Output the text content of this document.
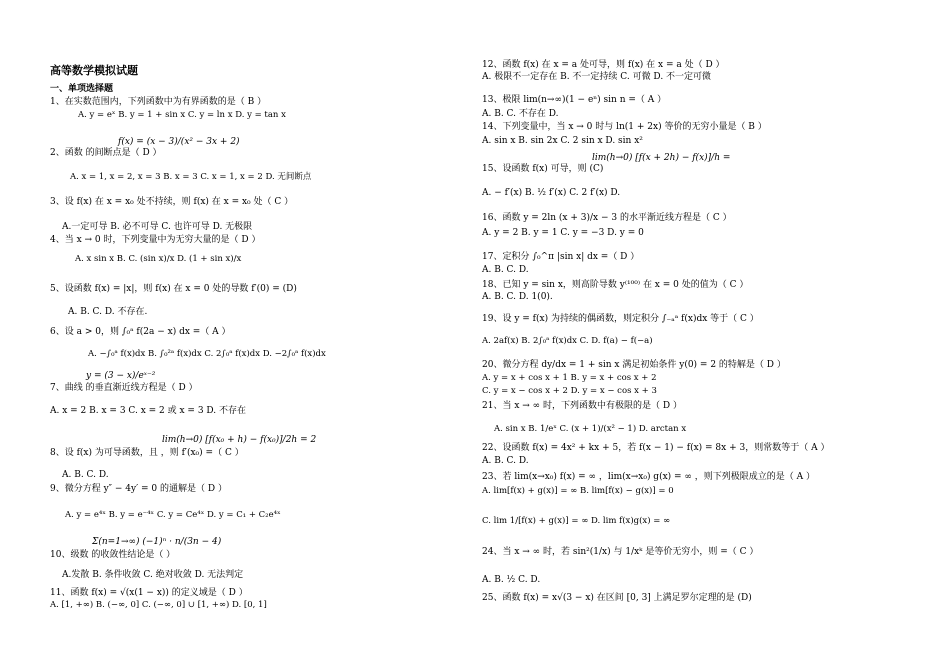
高等数学模拟试题
一、单项选择题
1、在实数范围内，下列函数中为有界函数的是（ B ）
A. y = eˣ B. y = 1 + sin x C. y = ln x D. y = tan x
f(x) = (x − 3)/(x² − 3x + 2)
2、函数 的间断点是（ D ）
A. x = 1, x = 2, x = 3 B. x = 3 C. x = 1, x = 2 D. 无间断点
3、设 f(x) 在 x = x₀ 处不持续，则 f(x) 在 x = x₀ 处（ C ）
A.一定可导 B. 必不可导 C. 也许可导 D. 无极限
4、当 x → 0 时，下列变量中为无穷大量的是（ D ）
A. x sin x B. C. (sin x)/x D. (1 + sin x)/x
5、设函数 f(x) = |x|，则 f(x) 在 x = 0 处的导数 f′(0) = (D)
A. B. C. D. 不存在.
6、设 a > 0，则 ∫₀ᵃ f(2a − x) dx =（ A ）
A. −∫₀ᵃ f(x)dx B. ∫₀²ᵃ f(x)dx C. 2∫₀ᵃ f(x)dx D. −2∫₀ᵃ f(x)dx
y = (3 − x)/eˣ⁻²
7、曲线 的垂直渐近线方程是（ D ）
A. x = 2 B. x = 3 C. x = 2 或 x = 3 D. 不存在
lim(h→0) [f(x₀ + h) − f(x₀)]/2h = 2
8、设 f(x) 为可导函数，且 ，则 f′(x₀) =（ C ）
A. B. C. D.
9、微分方程 y″ − 4y′ = 0 的通解是（ D ）
A. y = e⁴ˣ B. y = e⁻⁴ˣ C. y = Ce⁴ˣ D. y = C₁ + C₂e⁴ˣ
Σ(n=1→∞) (−1)ⁿ · n/(3n − 4)
10、级数 的收敛性结论是（ ）
A.发散 B. 条件收敛 C. 绝对收敛 D. 无法判定
11、函数 f(x) = √(x(1 − x)) 的定义域是（ D ）
A. [1, +∞) B. (−∞, 0] C. (−∞, 0] ∪ [1, +∞) D. [0, 1]
12、函数 f(x) 在 x = a 处可导，则 f(x) 在 x = a 处（ D ）
A. 极限不一定存在 B. 不一定持续 C. 可微 D. 不一定可微
13、极限 lim(n→∞)(1 − eⁿ) sin n =（ A ）
A. B. C. 不存在 D.
14、下列变量中，当 x → 0 时与 ln(1 + 2x) 等价的无穷小量是（ B ）
A. sin x B. sin 2x C. 2 sin x D. sin x²
lim(h→0) [f(x + 2h) − f(x)]/h =
15、设函数 f(x) 可导，则 (C)
A. − f′(x) B. ½ f′(x) C. 2 f′(x) D.
16、函数 y = 2ln (x + 3)/x − 3 的水平渐近线方程是（ C ）
A. y = 2 B. y = 1 C. y = −3 D. y = 0
17、定积分 ∫₀^π |sin x| dx =（ D ）
A. B. C. D.
18、已知 y = sin x，则高阶导数 y⁽¹⁰⁰⁾ 在 x = 0 处的值为（ C ）
A. B. C. D. 1(0).
19、设 y = f(x) 为持续的偶函数，则定积分 ∫₋ₐᵃ f(x)dx 等于（ C ）
A. 2af(x) B. 2∫₀ᵃ f(x)dx C. D. f(a) − f(−a)
20、微分方程 dy/dx = 1 + sin x 满足初始条件 y(0) = 2 的特解是（ D ）
A. y = x + cos x + 1 B. y = x + cos x + 2
C. y = x − cos x + 2 D. y = x − cos x + 3
21、当 x → ∞ 时，下列函数中有极限的是（ D ）
A. sin x B. 1/eˣ C. (x + 1)/(x² − 1) D. arctan x
22、设函数 f(x) = 4x² + kx + 5，若 f(x − 1) − f(x) = 8x + 3，则常数等于（ A ）
A. B. C. D.
23、若 lim(x→x₀) f(x) = ∞ ，lim(x→x₀) g(x) = ∞ ，则下列极限成立的是（ A ）
A. lim[f(x) + g(x)] = ∞ B. lim[f(x) − g(x)] = 0
C. lim 1/[f(x) + g(x)] = ∞ D. lim f(x)g(x) = ∞
24、当 x → ∞ 时，若 sin²(1/x) 与 1/xᵏ 是等价无穷小，则 =（ C ）
A. B. ½ C. D.
25、函数 f(x) = x√(3 − x) 在区间 [0, 3] 上满足罗尔定理的是 (D)
